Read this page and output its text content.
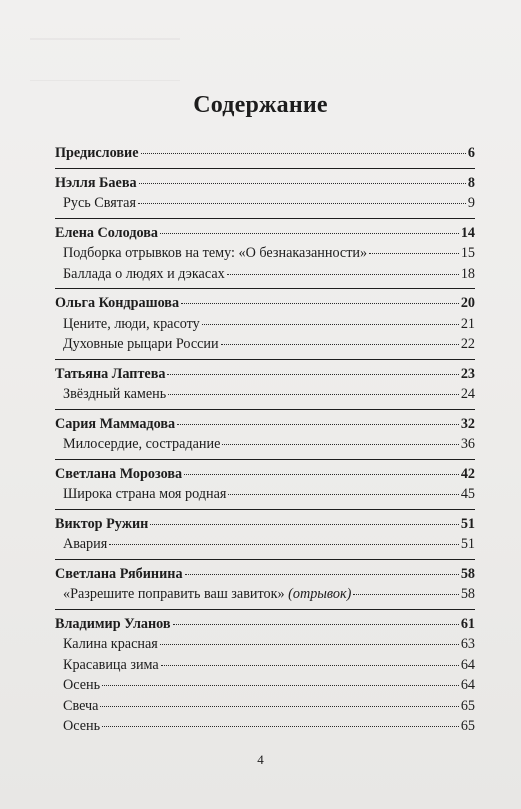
Содержание
Предисловие	6
Нэлля Баева	8
Русь Святая	9
Елена Солодова	14
Подборка отрывков на тему: «О безнаказанности»	15
Баллада о людях и дэкасах	18
Ольга Кондрашова	20
Цените, люди, красоту	21
Духовные рыцари России	22
Татьяна Лаптева	23
Звёздный камень	24
Сария Маммадова	32
Милосердие, сострадание	36
Светлана Морозова	42
Широка страна моя родная	45
Виктор Ружин	51
Авария	51
Светлана Рябинина	58
«Разрешите поправить ваш завиток»
(отрывок)	58
Владимир Уланов	61
Калина красная	63
Красавица зима	64
Осень	64
Свеча	65
Осень	65
4
